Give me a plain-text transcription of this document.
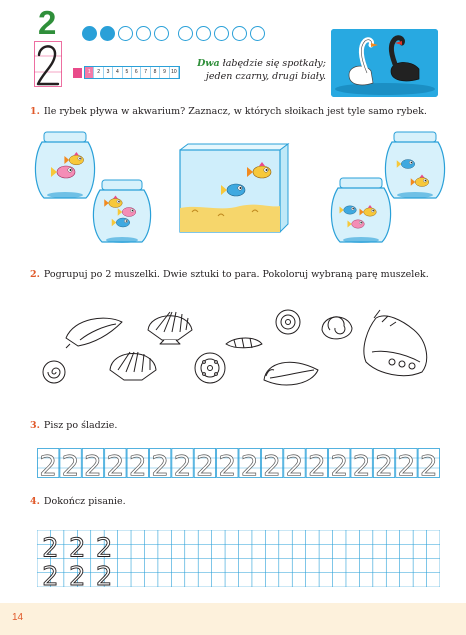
2
1	2	3	4	5	6	7	8	9	10
Dwa łabędzie się spotkały;
jeden czarny, drugi biały.
1. Ile rybek pływa w akwarium? Zaznacz, w których słoikach jest tyle samo rybek.
2. Pogrupuj po 2 muszelki. Dwie sztuki to para. Pokoloruj wybraną parę muszelek.
3. Pisz po śladzie.
2 2 2 2 2 2 2 2 2 2 2 2 2 2 2 2 2 2
4. Dokończ pisanie.
2 2 2
2 2 2
14
